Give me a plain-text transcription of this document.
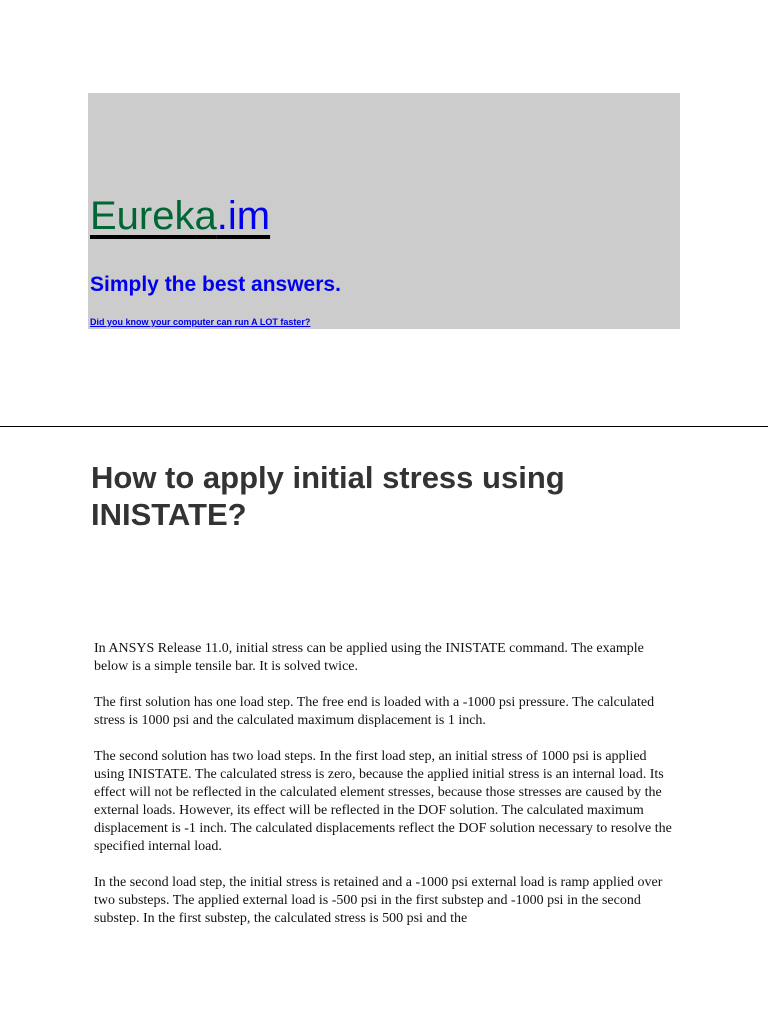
Eureka.im
Simply the best answers.
Did you know your computer can run A LOT faster?
How to apply initial stress using INISTATE?

In ANSYS Release 11.0, initial stress can be applied using the INISTATE command. The example below is a simple tensile bar. It is solved twice.

The first solution has one load step. The free end is loaded with a -1000 psi pressure. The calculated stress is 1000 psi and the calculated maximum displacement is 1 inch.

The second solution has two load steps. In the first load step, an initial stress of 1000 psi is applied using INISTATE. The calculated stress is zero, because the applied initial stress is an internal load. Its effect will not be reflected in the calculated element stresses, because those stresses are caused by the external loads. However, its effect will be reflected in the DOF solution. The calculated maximum displacement is -1 inch. The calculated displacements reflect the DOF solution necessary to resolve the specified internal load.

In the second load step, the initial stress is retained and a -1000 psi external load is ramp applied over two substeps. The applied external load is -500 psi in the first substep and -1000 psi in the second substep. In the first substep, the calculated stress is 500 psi and the
